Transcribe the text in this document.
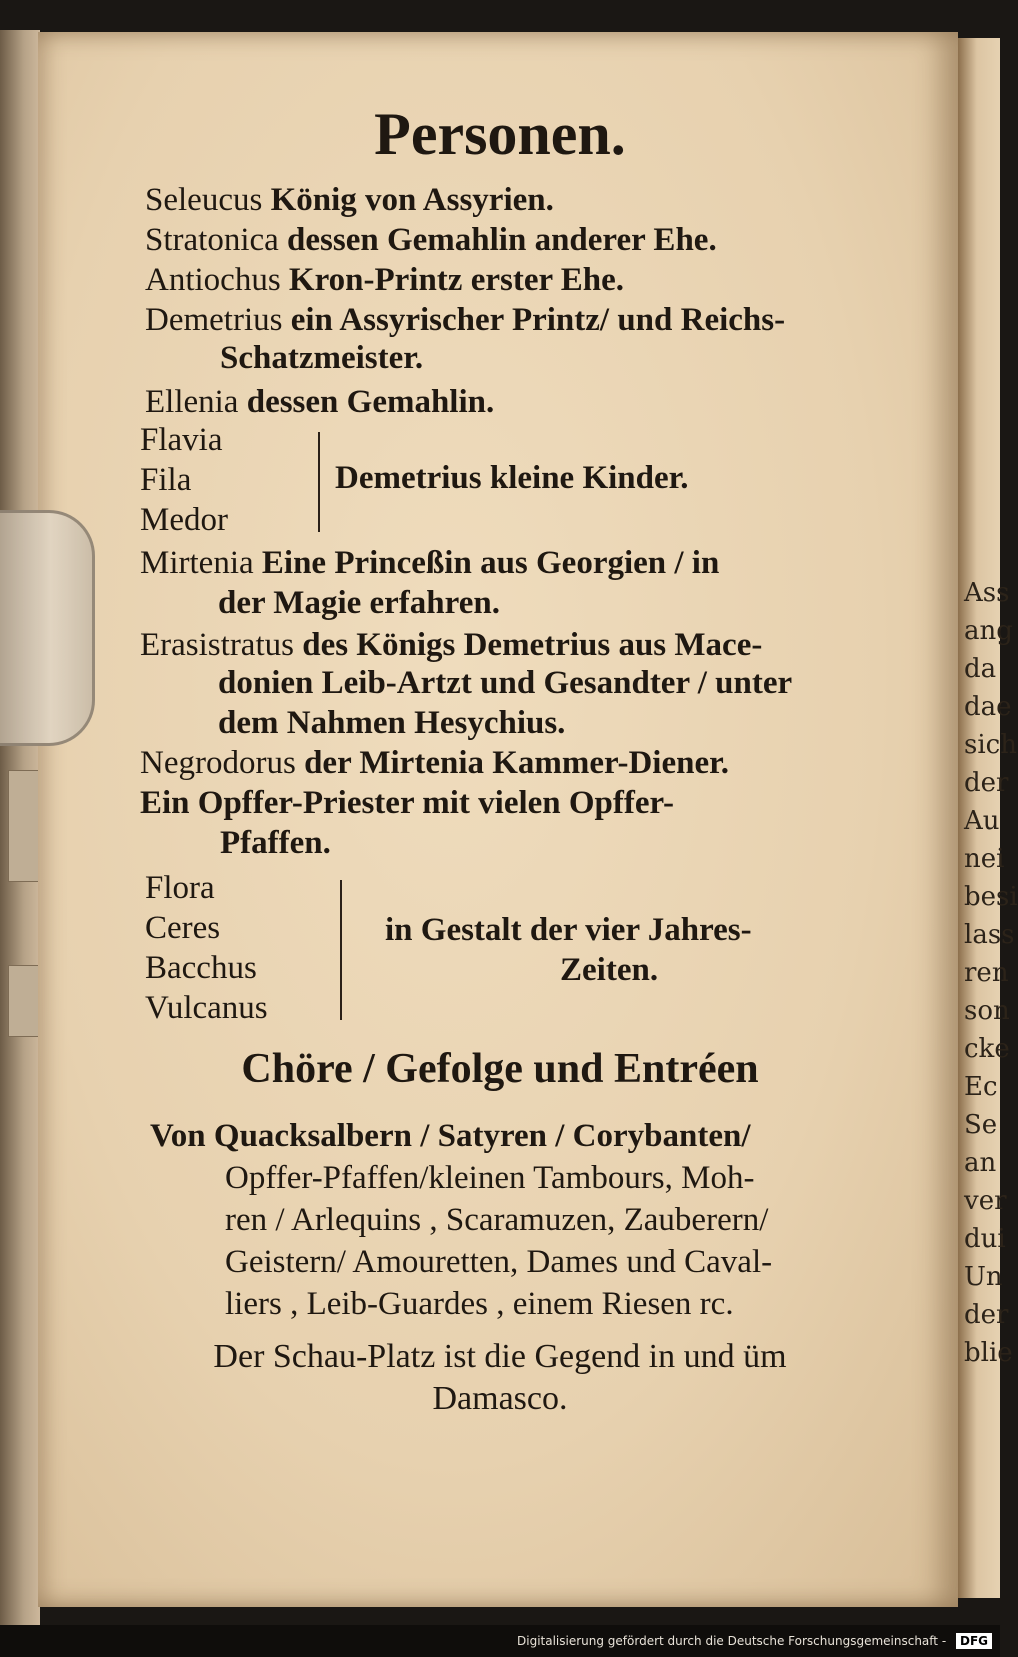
Ass
ang
da
dae
sich
der
Au
nei
besi
lass
ren
son
cke
Ec
Se
an
ver
dui
Un
der
blie
Personen.
Seleucus König von Assyrien.
Stratonica dessen Gemahlin anderer Ehe.
Antiochus Kron-Printz erster Ehe.
Demetrius ein Assyrischer Printz/ und Reichs-
Schatzmeister.
Ellenia dessen Gemahlin.
Flavia
Fila
Medor
Demetrius kleine Kinder.
Mirtenia Eine Princeßin aus Georgien / in
der Magie erfahren.
Erasistratus des Königs Demetrius aus Mace-
donien Leib-Artzt und Gesandter / unter
dem Nahmen Hesychius.
Negrodorus der Mirtenia Kammer-Diener.
Ein Opffer-Priester mit vielen Opffer-
Pfaffen.
Flora
Ceres
Bacchus
Vulcanus
in Gestalt der vier Jahres-
Zeiten.
Chöre / Gefolge und Entréen
Von Quacksalbern / Satyren / Corybanten/
Opffer-Pfaffen/kleinen Tambours, Moh-
ren / Arlequins , Scaramuzen, Zauberern/
Geistern/ Amouretten, Dames und Caval-
liers , Leib-Guardes , einem Riesen rc.
Der Schau-Platz ist die Gegend in und üm
Damasco.
Digitalisierung gefördert durch die Deutsche Forschungsgemeinschaft - DFG
